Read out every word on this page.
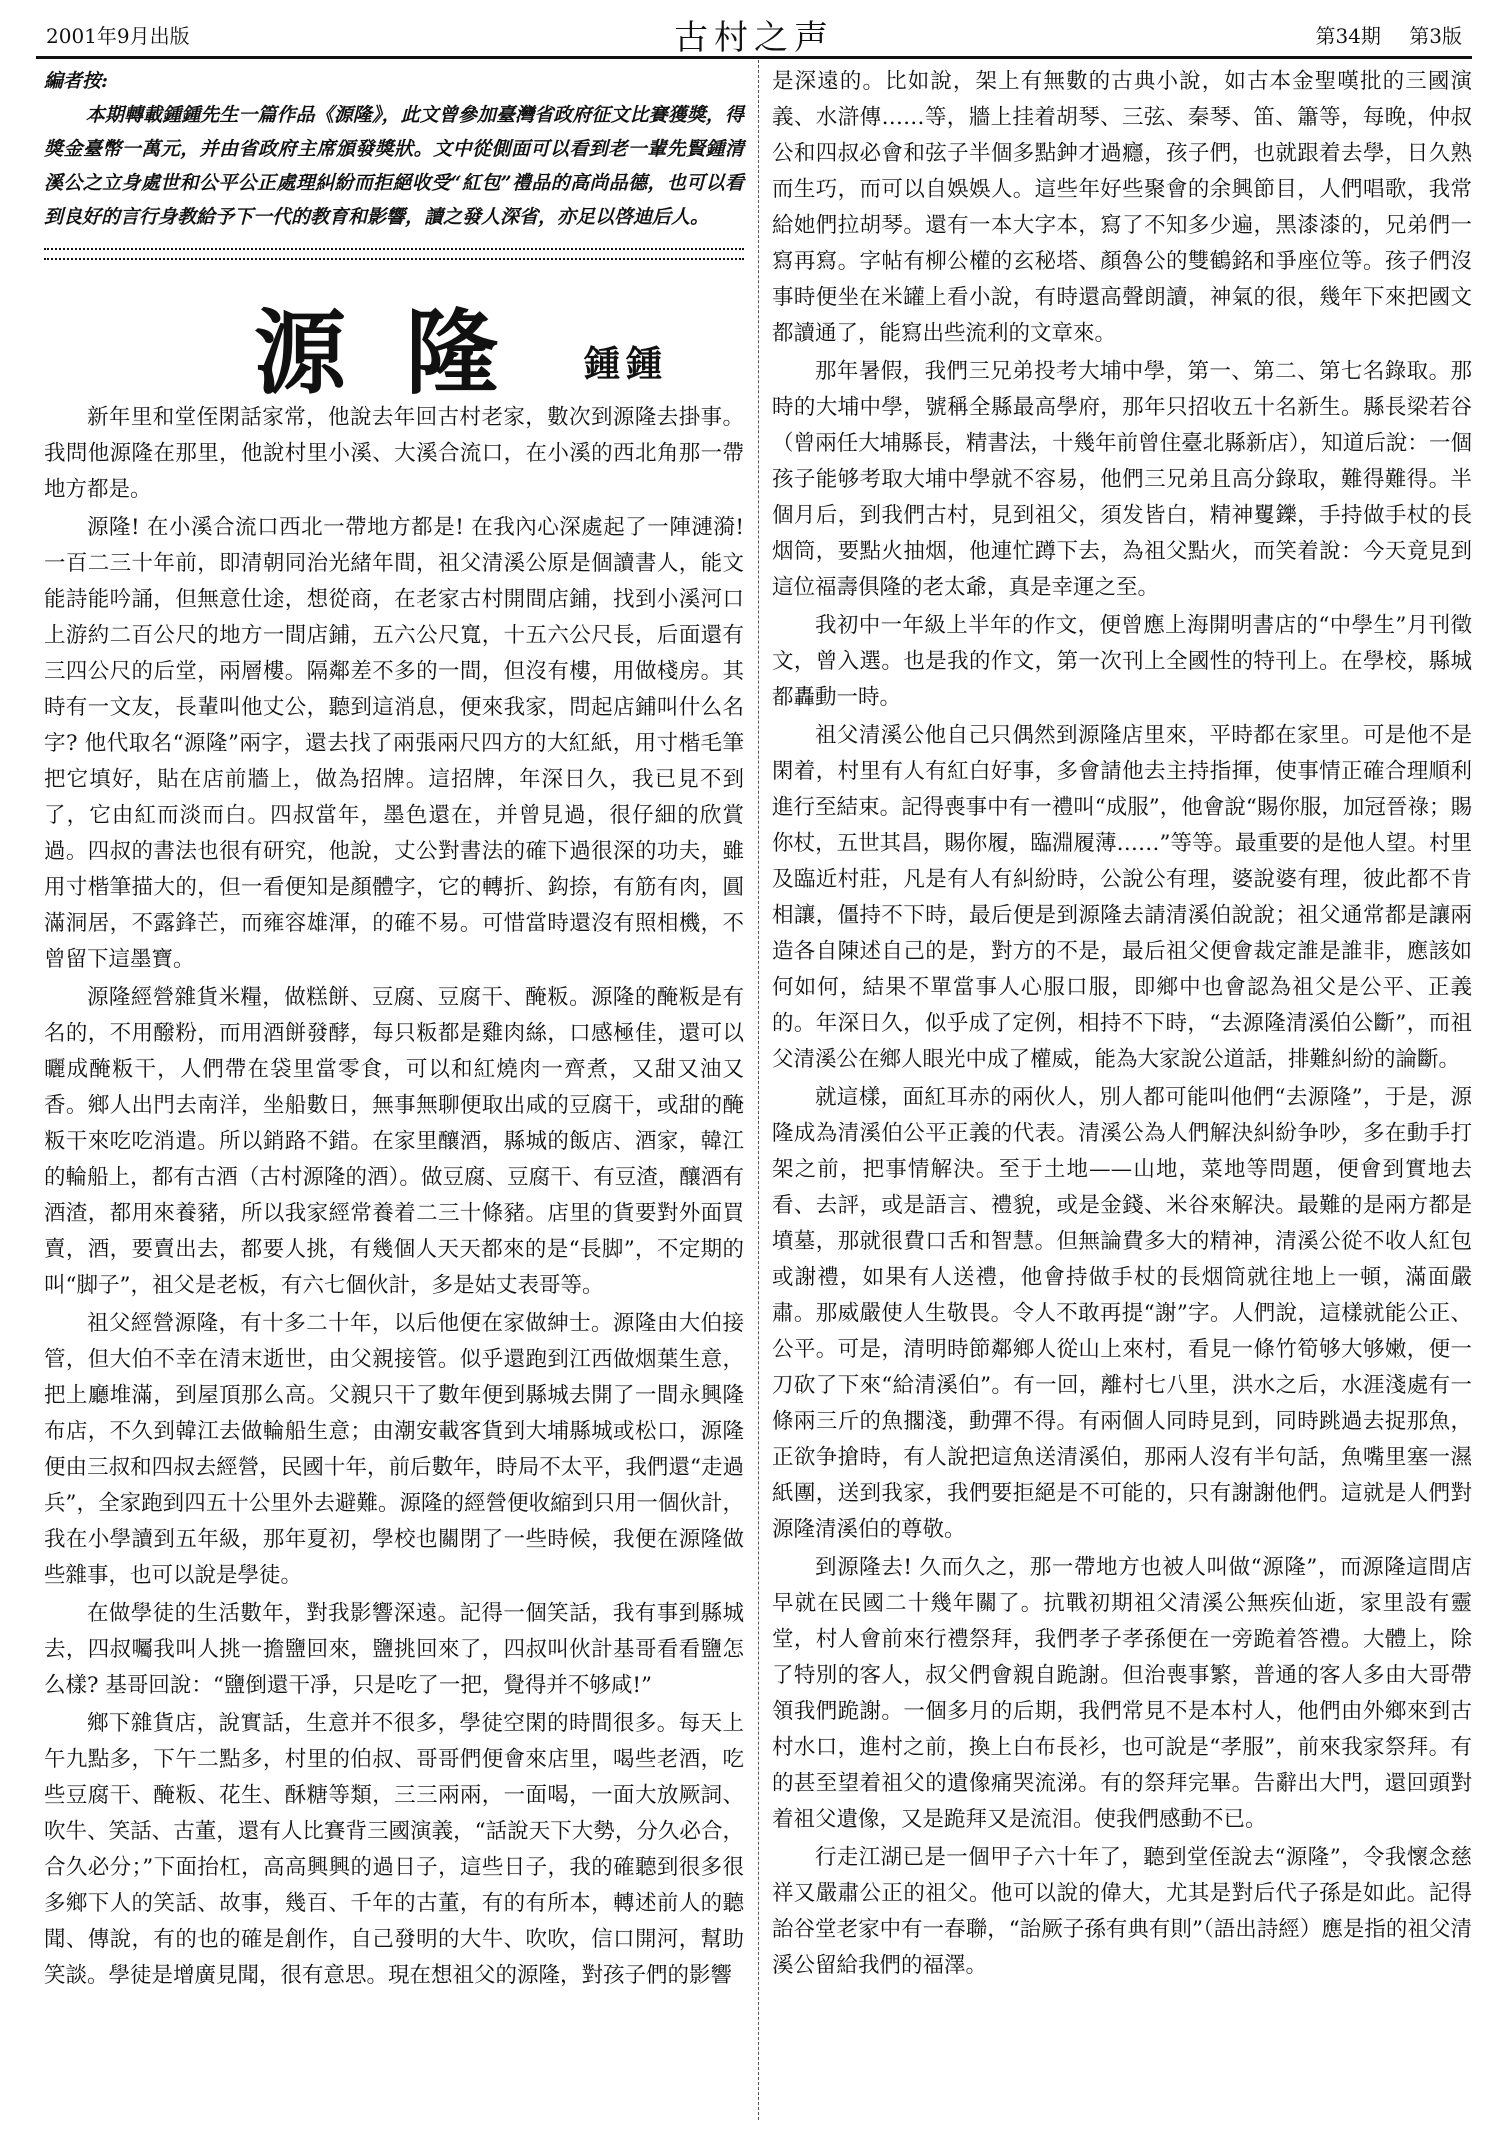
2001年9月出版	古村之声	第34期 第3版
編者按:
本期轉載鍾鍾先生一篇作品《源隆》，此文曾參加臺灣省政府征文比賽獲獎，得獎金臺幣一萬元，并由省政府主席頒發獎狀。文中從側面可以看到老一輩先賢鍾清溪公之立身處世和公平公正處理糾紛而拒絕收受“紅包”禮品的高尚品德，也可以看到良好的言行身教給予下一代的教育和影響，讀之發人深省，亦足以啓迪后人。
源隆 鍾鍾

新年里和堂侄閑話家常，他說去年回古村老家，數次到源隆去掛事。我問他源隆在那里，他說村里小溪、大溪合流口，在小溪的西北角那一帶地方都是。

源隆! 在小溪合流口西北一帶地方都是! 在我內心深處起了一陣漣漪! 一百二三十年前，即清朝同治光緒年間，祖父清溪公原是個讀書人，能文能詩能吟誦，但無意仕途，想從商，在老家古村開間店鋪，找到小溪河口上游約二百公尺的地方一間店鋪，五六公尺寬，十五六公尺長，后面還有三四公尺的后堂，兩層樓。隔鄰差不多的一間，但沒有樓，用做棧房。其時有一文友，長輩叫他丈公，聽到這消息，便來我家，問起店鋪叫什么名字? 他代取名“源隆”兩字，還去找了兩張兩尺四方的大紅紙，用寸楷毛筆把它填好，貼在店前牆上，做為招牌。這招牌，年深日久，我已見不到了，它由紅而淡而白。四叔當年，墨色還在，并曾見過，很仔細的欣賞過。四叔的書法也很有研究，他說，丈公對書法的確下過很深的功夫，雖用寸楷筆描大的，但一看便知是顏體字，它的轉折、鈎捺，有筋有肉，圓滿洞居，不露鋒芒，而雍容雄渾，的確不易。可惜當時還沒有照相機，不曾留下這墨寶。

源隆經營雜貨米糧，做糕餅、豆腐、豆腐干、醃粄。源隆的醃粄是有名的，不用醱粉，而用酒餅發酵，每只粄都是雞肉絲，口感極佳，還可以曬成醃粄干，人們帶在袋里當零食，可以和紅燒肉一齊煮，又甜又油又香。鄉人出門去南洋，坐船數日，無事無聊便取出咸的豆腐干，或甜的醃粄干來吃吃消遣。所以銷路不錯。在家里釀酒，縣城的飯店、酒家，韓江的輪船上，都有古酒（古村源隆的酒）。做豆腐、豆腐干、有豆渣，釀酒有酒渣，都用來養豬，所以我家經常養着二三十條豬。店里的貨要對外面買賣，酒，要賣出去，都要人挑，有幾個人天天都來的是“長脚”，不定期的叫“脚子”，祖父是老板，有六七個伙計，多是姑丈表哥等。

祖父經營源隆，有十多二十年，以后他便在家做紳士。源隆由大伯接管，但大伯不幸在清末逝世，由父親接管。似乎還跑到江西做烟葉生意，把上廳堆滿，到屋頂那么高。父親只干了數年便到縣城去開了一間永興隆布店，不久到韓江去做輪船生意；由潮安載客貨到大埔縣城或松口，源隆便由三叔和四叔去經營，民國十年，前后數年，時局不太平，我們還“走過兵”，全家跑到四五十公里外去避難。源隆的經營便收縮到只用一個伙計，我在小學讀到五年級，那年夏初，學校也關閉了一些時候，我便在源隆做些雜事，也可以說是學徒。

在做學徒的生活數年，對我影響深遠。記得一個笑話，我有事到縣城去，四叔囑我叫人挑一擔鹽回來，鹽挑回來了，四叔叫伙計基哥看看鹽怎么樣? 基哥回說：“鹽倒還干凈，只是吃了一把，覺得并不够咸!”

鄉下雜貨店，說實話，生意并不很多，學徒空閑的時間很多。每天上午九點多，下午二點多，村里的伯叔、哥哥們便會來店里，喝些老酒，吃些豆腐干、醃粄、花生、酥糖等類，三三兩兩，一面喝，一面大放厥詞、吹牛、笑話、古董，還有人比賽背三國演義，“話說天下大勢，分久必合，合久必分；”下面抬杠，高高興興的過日子，這些日子，我的確聽到很多很多鄉下人的笑話、故事，幾百、千年的古董，有的有所本，轉述前人的聽聞、傳說，有的也的確是創作，自己發明的大牛、吹吹，信口開河，幫助笑談。學徒是增廣見聞，很有意思。現在想祖父的源隆，對孩子們的影響

是深遠的。比如說，架上有無數的古典小說，如古本金聖嘆批的三國演義、水滸傳……等，牆上挂着胡琴、三弦、秦琴、笛、簫等，每晚，仲叔公和四叔必會和弦子半個多點鈡才過癮，孩子們，也就跟着去學，日久熟而生巧，而可以自娛娛人。這些年好些聚會的余興節目，人們唱歌，我常給她們拉胡琴。還有一本大字本，寫了不知多少遍，黑漆漆的，兄弟們一寫再寫。字帖有柳公權的玄秘塔、顏魯公的雙鶴銘和爭座位等。孩子們沒事時便坐在米罐上看小說，有時還高聲朗讀，神氣的很，幾年下來把國文都讀通了，能寫出些流利的文章來。

那年暑假，我們三兄弟投考大埔中學，第一、第二、第七名錄取。那時的大埔中學，號稱全縣最高學府，那年只招收五十名新生。縣長梁若谷（曾兩任大埔縣長，精書法，十幾年前曾住臺北縣新店），知道后說：一個孩子能够考取大埔中學就不容易，他們三兄弟且高分錄取，難得難得。半個月后，到我們古村，見到祖父，須发皆白，精神矍鑠，手持做手杖的長烟筒，要點火抽烟，他連忙蹲下去，為祖父點火，而笑着說：今天竟見到這位福壽俱隆的老太爺，真是幸運之至。

我初中一年級上半年的作文，便曾應上海開明書店的“中學生”月刊徵文，曾入選。也是我的作文，第一次刊上全國性的特刊上。在學校，縣城都轟動一時。

祖父清溪公他自己只偶然到源隆店里來，平時都在家里。可是他不是閑着，村里有人有紅白好事，多會請他去主持指揮，使事情正確合理順利進行至結束。記得喪事中有一禮叫“成服”，他會說“賜你服，加冠晉祿；賜你杖，五世其昌，賜你履，臨淵履薄……”等等。最重要的是他人望。村里及臨近村莊，凡是有人有糾紛時，公說公有理，婆說婆有理，彼此都不肯相讓，僵持不下時，最后便是到源隆去請清溪伯說說；祖父通常都是讓兩造各自陳述自己的是，對方的不是，最后祖父便會裁定誰是誰非，應該如何如何，結果不單當事人心服口服，即鄉中也會認為祖父是公平、正義的。年深日久，似乎成了定例，相持不下時，“去源隆清溪伯公斷”，而祖父清溪公在鄉人眼光中成了權威，能為大家說公道話，排難糾紛的論斷。

就這樣，面紅耳赤的兩伙人，別人都可能叫他們“去源隆”，于是，源隆成為清溪伯公平正義的代表。清溪公為人們解決糾紛争吵，多在動手打架之前，把事情解決。至于土地——山地，菜地等問題，便會到實地去看、去評，或是語言、禮貌，或是金錢、米谷來解決。最難的是兩方都是墳墓，那就很費口舌和智慧。但無論費多大的精神，清溪公從不收人紅包或謝禮，如果有人送禮，他會持做手杖的長烟筒就往地上一頓，滿面嚴肅。那威嚴使人生敬畏。令人不敢再提“謝”字。人們說，這樣就能公正、公平。可是，清明時節鄰鄉人從山上來村，看見一條竹筍够大够嫩，便一刀砍了下來“給清溪伯”。有一回，離村七八里，洪水之后，水涯淺處有一條兩三斤的魚擱淺，動彈不得。有兩個人同時見到，同時跳過去捉那魚，正欲争搶時，有人說把這魚送清溪伯，那兩人沒有半句話，魚嘴里塞一濕紙團，送到我家，我們要拒絕是不可能的，只有謝謝他們。這就是人們對源隆清溪伯的尊敬。

到源隆去! 久而久之，那一帶地方也被人叫做“源隆”，而源隆這間店早就在民國二十幾年關了。抗戰初期祖父清溪公無疾仙逝，家里設有靈堂，村人會前來行禮祭拜，我們孝子孝孫便在一旁跪着答禮。大體上，除了特別的客人，叔父們會親自跪謝。但治喪事繁，普通的客人多由大哥帶領我們跪謝。一個多月的后期，我們常見不是本村人，他們由外鄉來到古村水口，進村之前，換上白布長衫，也可說是“孝服”，前來我家祭拜。有的甚至望着祖父的遺像痛哭流涕。有的祭拜完畢。告辭出大門，還回頭對着祖父遺像，又是跪拜又是流泪。使我們感動不已。

行走江湖已是一個甲子六十年了，聽到堂侄說去“源隆”，令我懷念慈祥又嚴肅公正的祖父。他可以說的偉大，尤其是對后代子孫是如此。記得詒谷堂老家中有一春聯，“詒厥子孫有典有則”（語出詩經）應是指的祖父清溪公留給我們的福澤。
